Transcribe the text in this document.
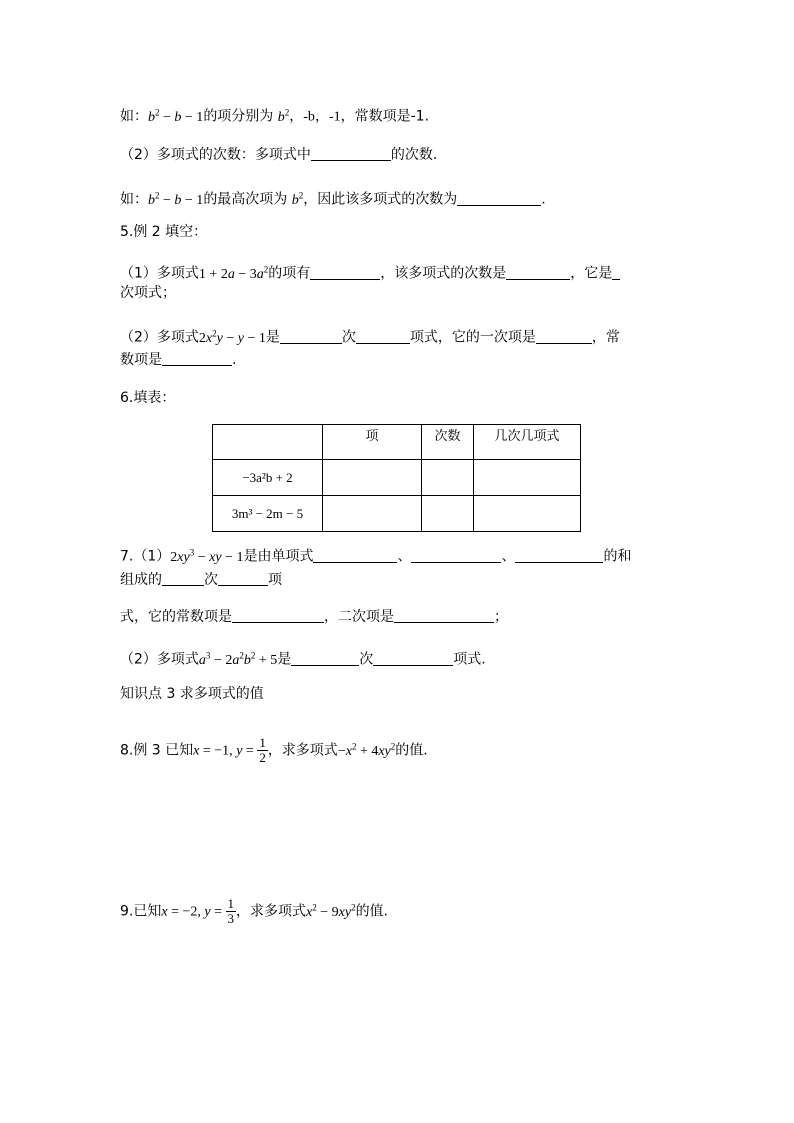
如：$b^2 - b - 1$的项分别为 $b^2$，-b，-1，常数项是-1.
（2）多项式的次数：多项式中	的次数.
如：$b^2 - b - 1$的最高次项为 $b^2$，因此该多项式的次数为	.
5.例 2 填空：
（1）多项式$1 + 2a - 3a^2$的项有	，该多项式的次数是	，它是
次项式；
（2）多项式$2x^2y - y - 1$是	次	项式，它的一次项是	，常
数项是	.
6.填表：
	项	次数	几次几项式
−3a²b + 2			
3m³ − 2m − 5			
$7.(1)2xy^3$ − xy − 1是由单项式	、	、	的和
组成的	次	项
式，它的常数项是	，二次项是	；
（2）多项式$a^3 - 2a^2b^2 + 5$是	次	项式.
知识点 3 求多项式的值
8.例 3 已知x = −1, $y = \frac{1}{2}$ ，求多项式$-x^2 + 4xy^2$的值.
9.已知x = −2, $y = \frac{1}{3}$ ，求多项式$x^2 - 9xy^2$的值.
